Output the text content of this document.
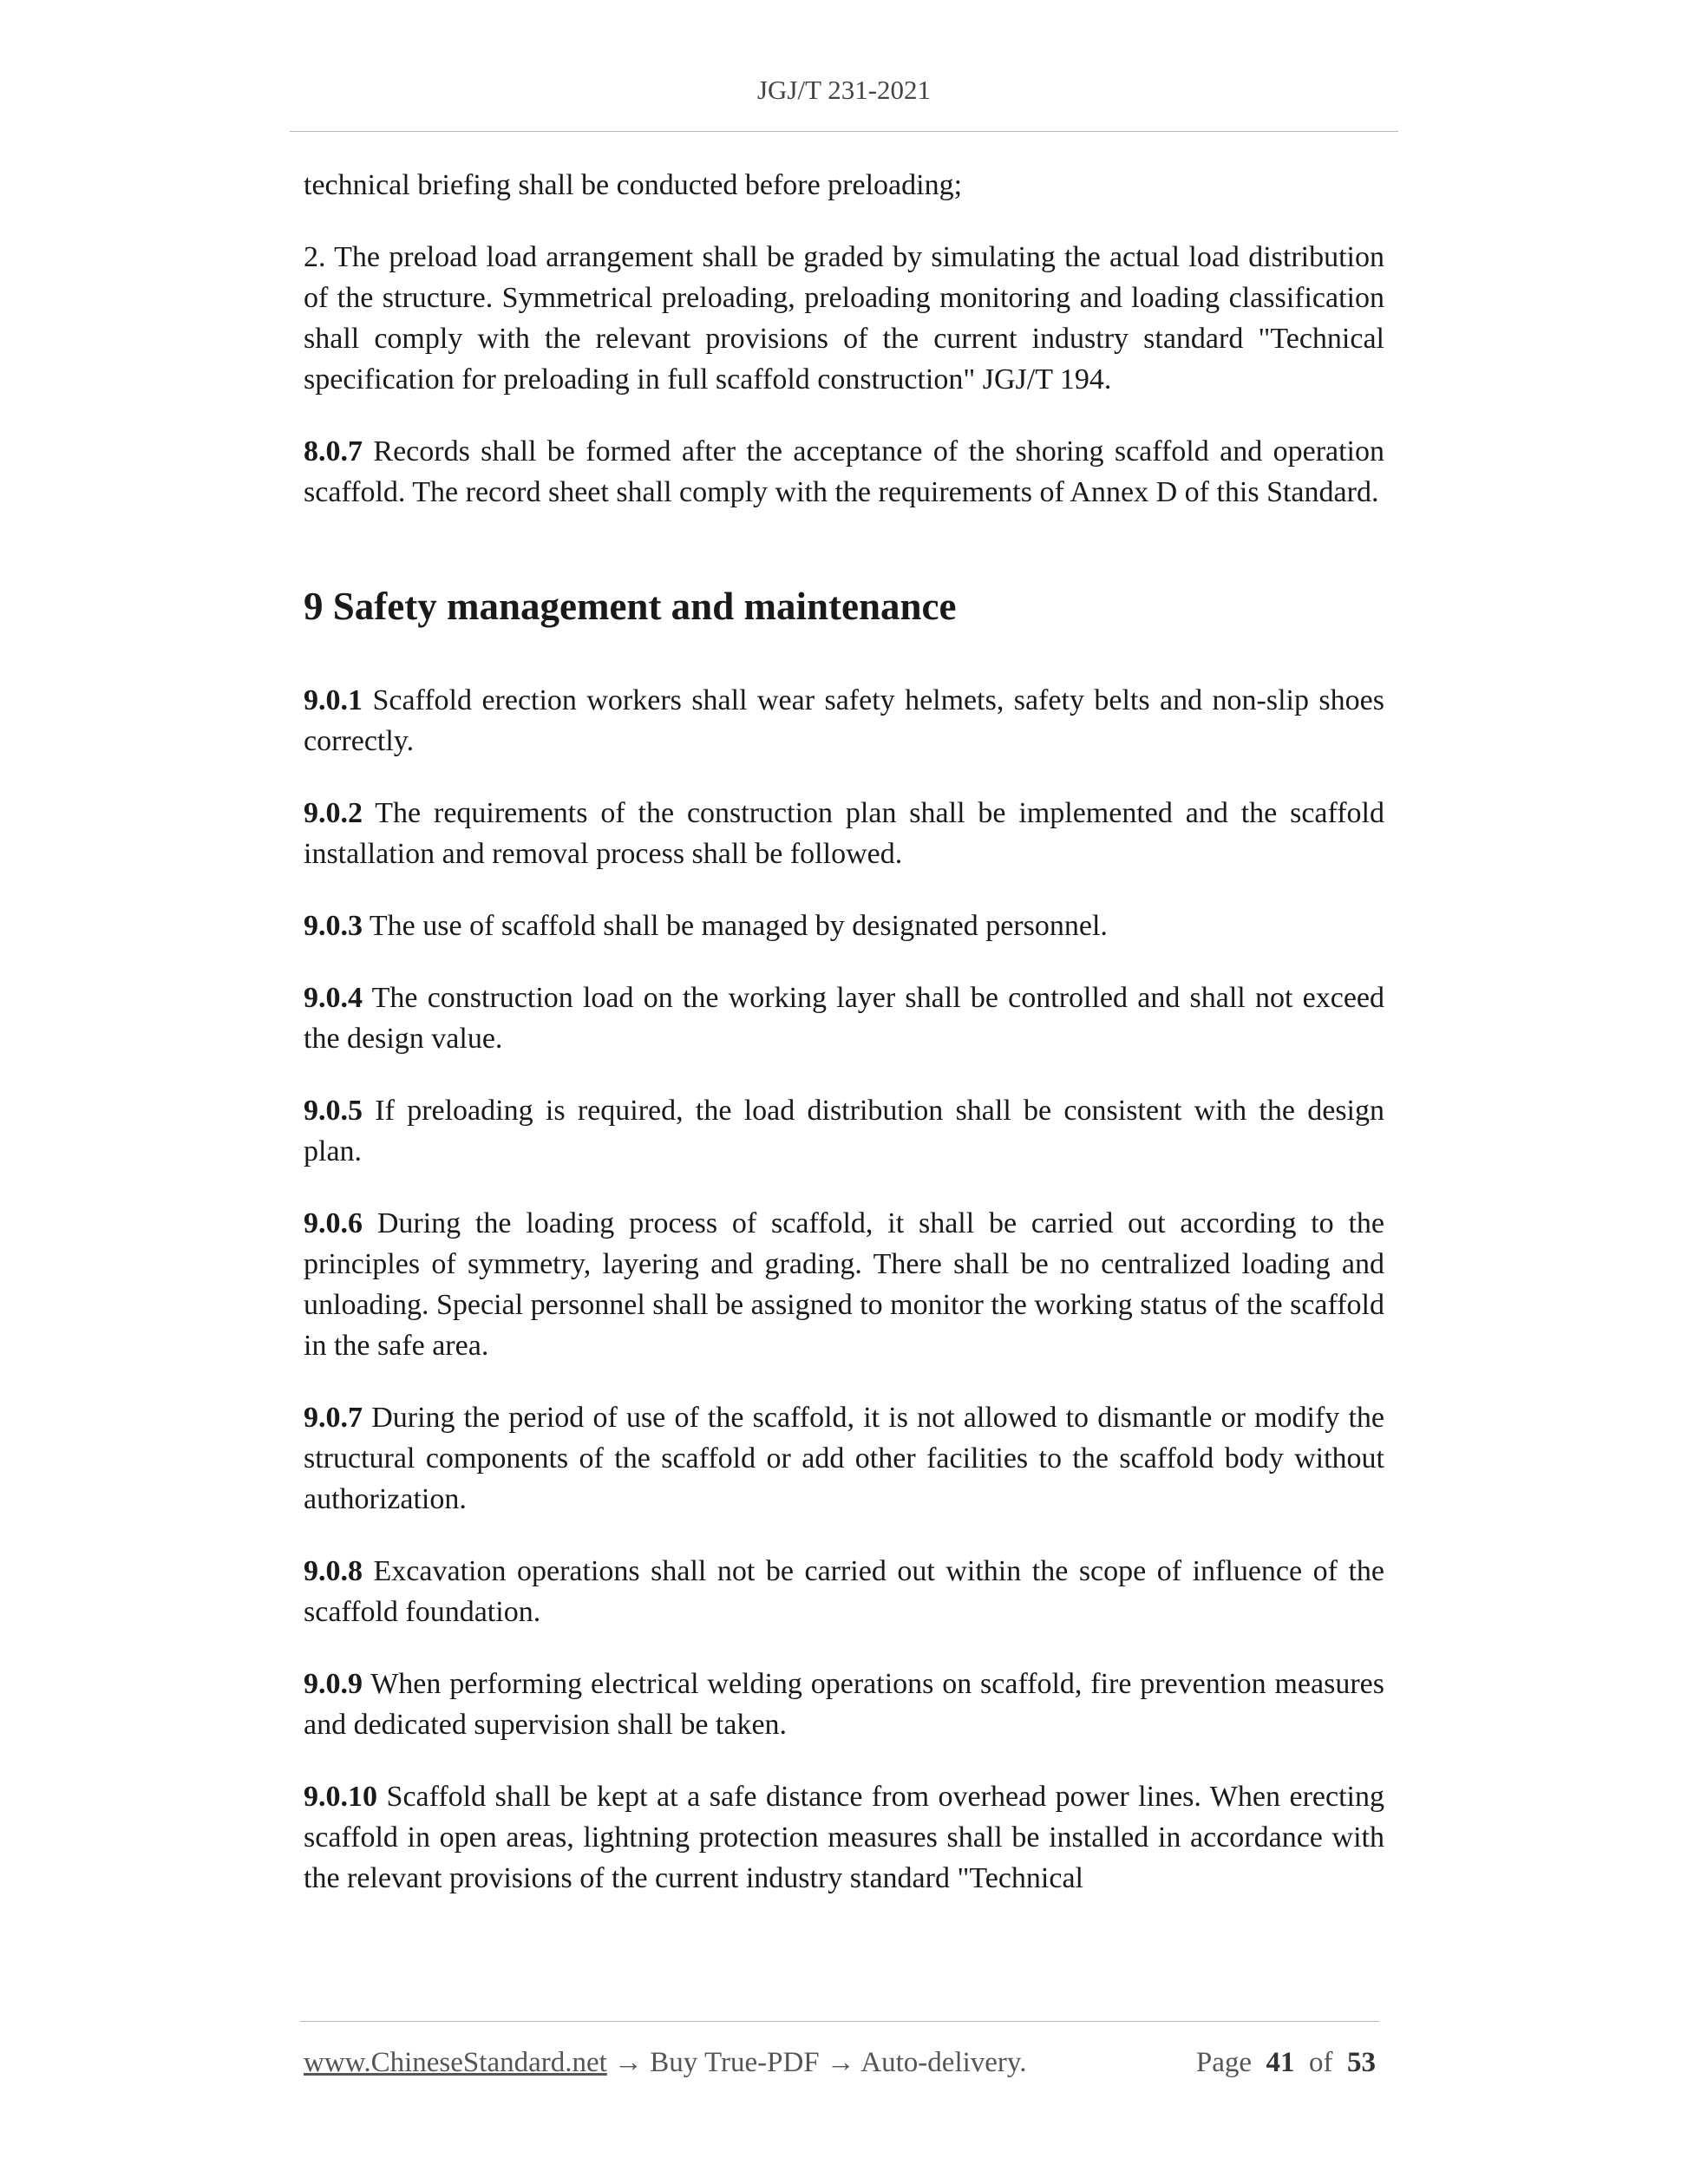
JGJ/T 231-2021

technical briefing shall be conducted before preloading;

2. The preload load arrangement shall be graded by simulating the actual load distribution of the structure. Symmetrical preloading, preloading monitoring and loading classification shall comply with the relevant provisions of the current industry standard "Technical specification for preloading in full scaffold construction" JGJ/T 194.

8.0.7 Records shall be formed after the acceptance of the shoring scaffold and operation scaffold. The record sheet shall comply with the requirements of Annex D of this Standard.

9 Safety management and maintenance

9.0.1 Scaffold erection workers shall wear safety helmets, safety belts and non-slip shoes correctly.

9.0.2 The requirements of the construction plan shall be implemented and the scaffold installation and removal process shall be followed.

9.0.3 The use of scaffold shall be managed by designated personnel.

9.0.4 The construction load on the working layer shall be controlled and shall not exceed the design value.

9.0.5 If preloading is required, the load distribution shall be consistent with the design plan.

9.0.6 During the loading process of scaffold, it shall be carried out according to the principles of symmetry, layering and grading. There shall be no centralized loading and unloading. Special personnel shall be assigned to monitor the working status of the scaffold in the safe area.

9.0.7 During the period of use of the scaffold, it is not allowed to dismantle or modify the structural components of the scaffold or add other facilities to the scaffold body without authorization.

9.0.8 Excavation operations shall not be carried out within the scope of influence of the scaffold foundation.

9.0.9 When performing electrical welding operations on scaffold, fire prevention measures and dedicated supervision shall be taken.

9.0.10 Scaffold shall be kept at a safe distance from overhead power lines. When erecting scaffold in open areas, lightning protection measures shall be installed in accordance with the relevant provisions of the current industry standard "Technical

www.ChineseStandard.net → Buy True-PDF → Auto-delivery.	Page 41 of 53
